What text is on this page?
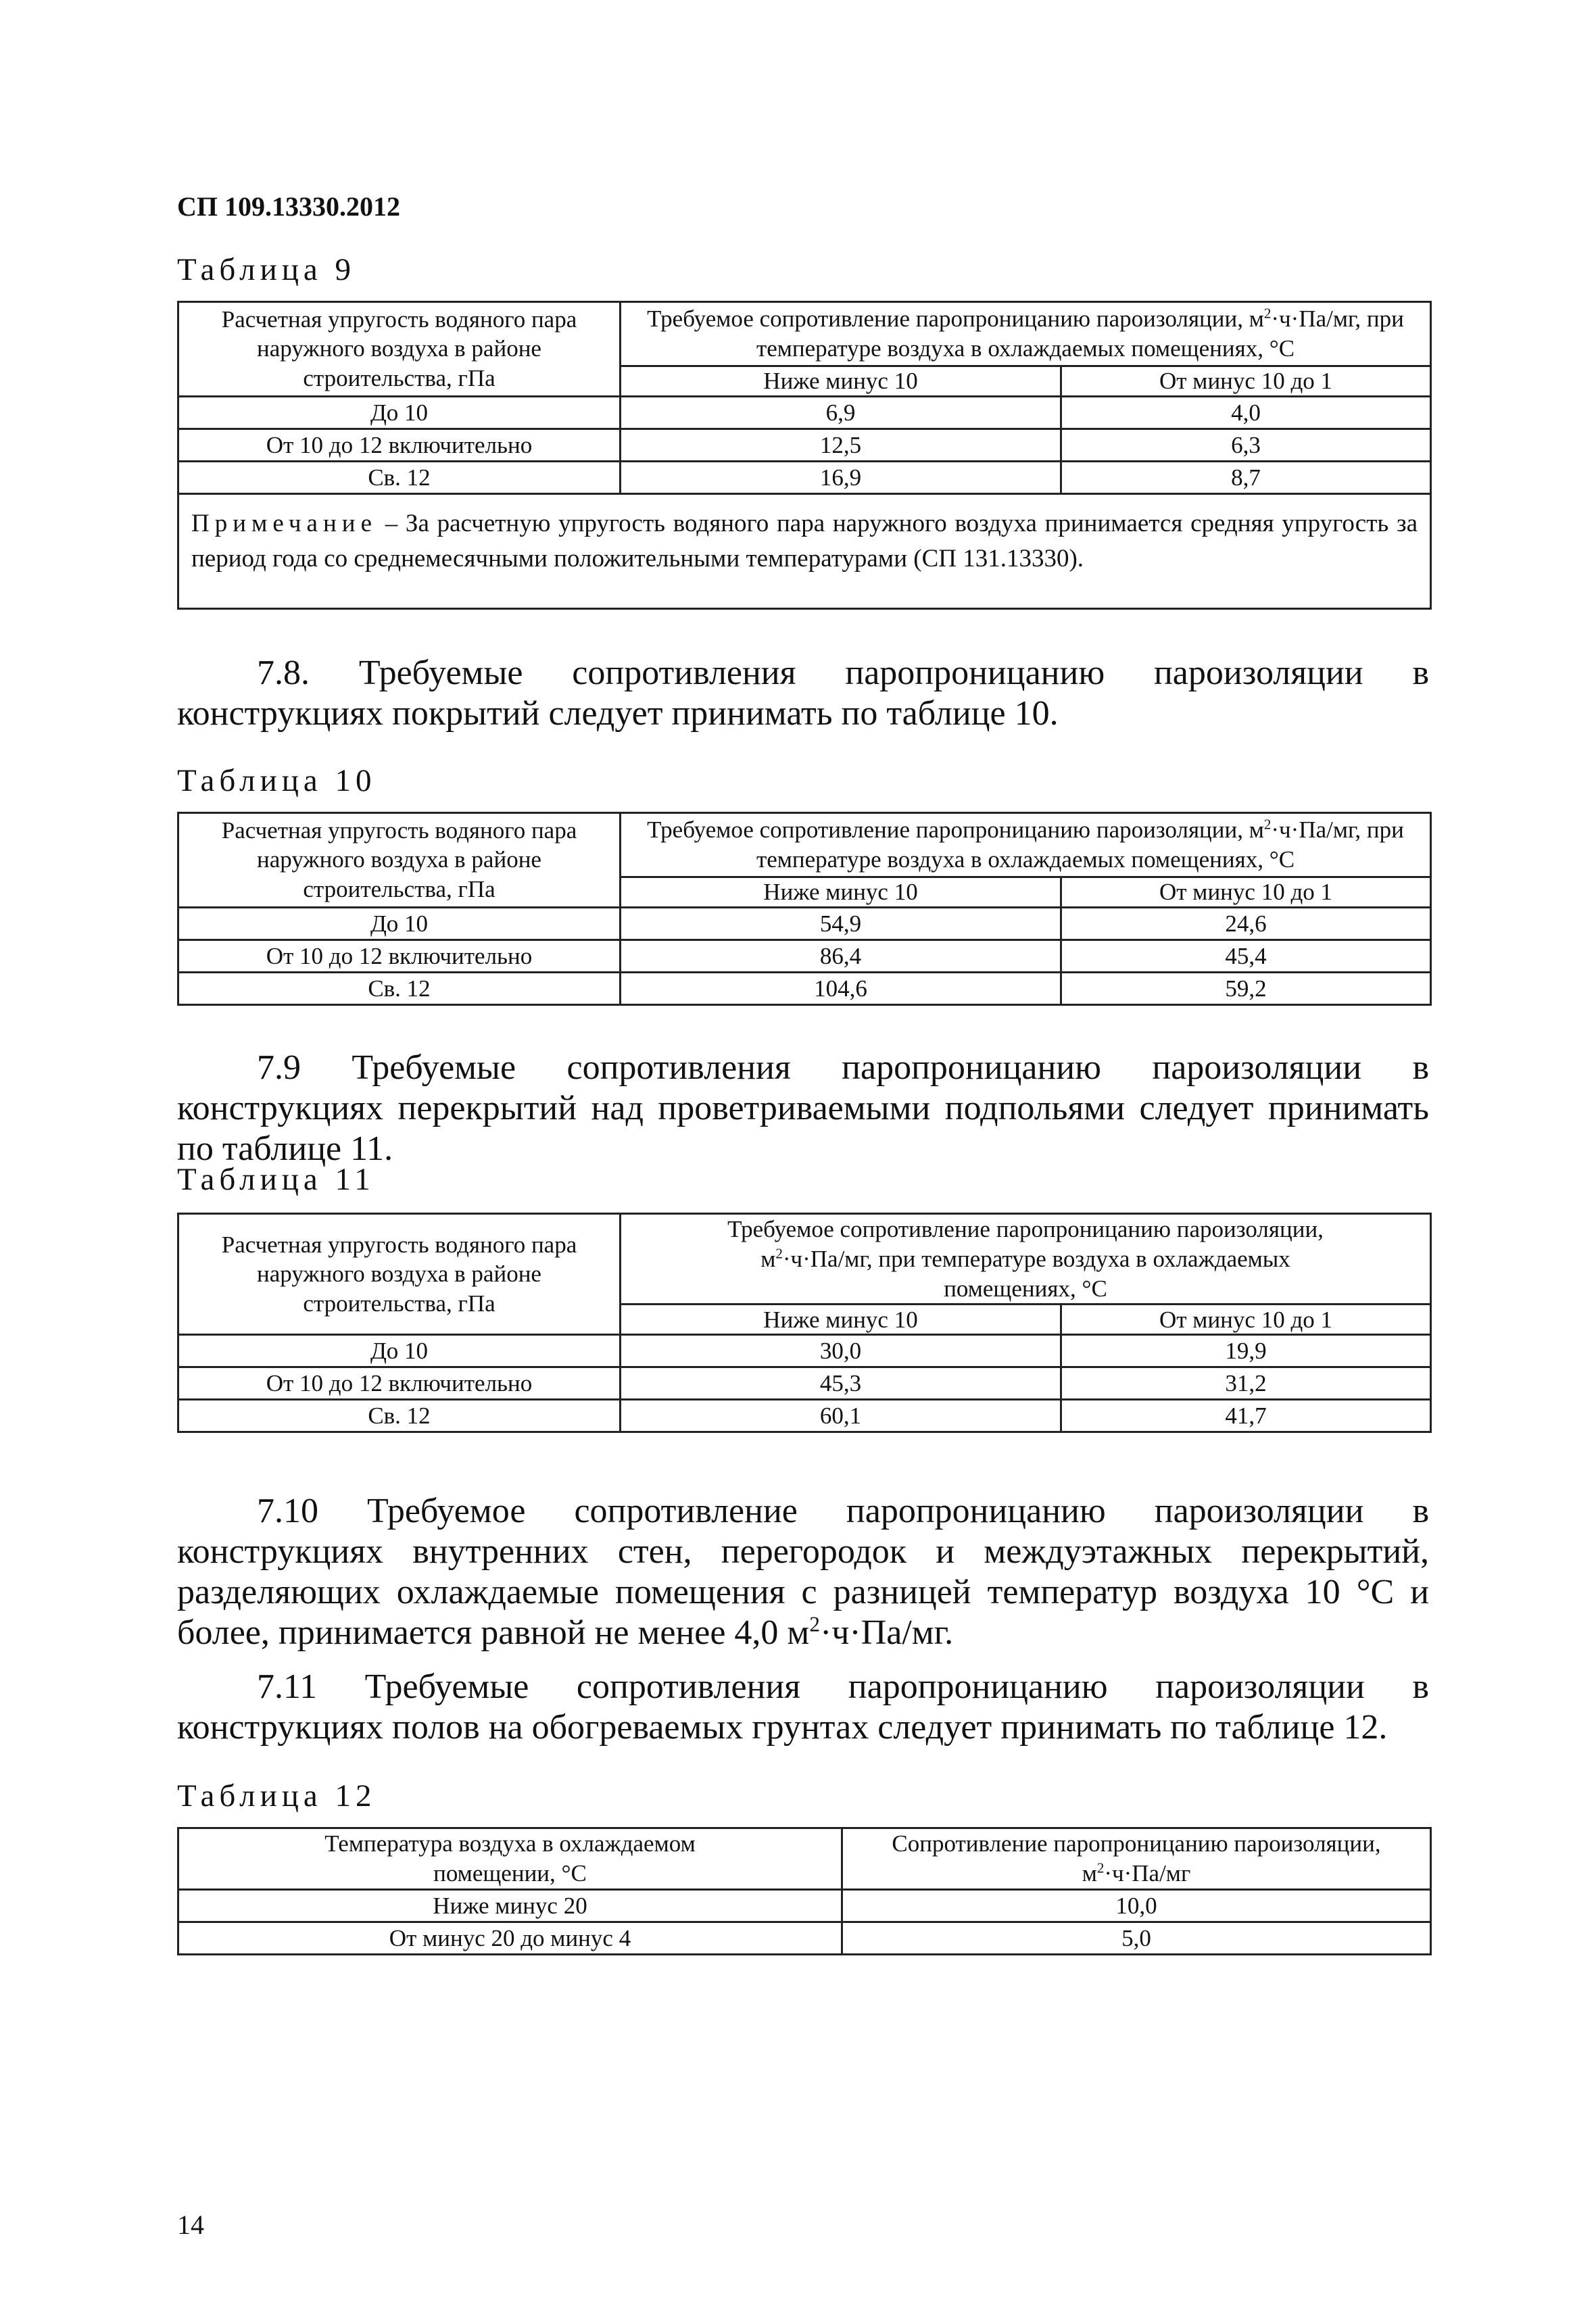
СП 109.13330.2012
Таблица 9
Расчетная упругость водяного пара наружного воздуха в районе строительства, гПа	Требуемое сопротивление паропроницанию пароизоляции, $м^2\cdot ч\cdot Па/мг$, при температуре воздуха в охлаждаемых помещениях, °С	
	Ниже минус 10	От минус 10 до 1
До 10	6,9	4,0
От 10 до 12 включительно	12,5	6,3
Св. 12	16,9	8,7
Примечание – За расчетную упругость водяного пара наружного воздуха принимается средняя упругость за период года со среднемесячными положительными температурами (СП 131.13330).		
7.8. Требуемые сопротивления паропроницанию пароизоляции в конструкциях покрытий следует принимать по таблице 10.
Таблица 10
Расчетная упругость водяного пара наружного воздуха в районе строительства, гПа	Требуемое сопротивление паропроницанию пароизоляции, $м^2\cdot ч\cdot Па/мг$, при температуре воздуха в охлаждаемых помещениях, °С	
	Ниже минус 10	От минус 10 до 1
До 10	54,9	24,6
От 10 до 12 включительно	86,4	45,4
Св. 12	104,6	59,2
7.9 Требуемые сопротивления паропроницанию пароизоляции в конструкциях перекрытий над проветриваемыми подпольями следует принимать по таблице 11.
Таблица 11
Расчетная упругость водяного пара наружного воздуха в районе строительства, гПа	Требуемое сопротивление паропроницанию пароизоляции, $м^2\cdot ч\cdot Па/мг$, при температуре воздуха в охлаждаемых помещениях, °С	
	Ниже минус 10	От минус 10 до 1
До 10	30,0	19,9
От 10 до 12 включительно	45,3	31,2
Св. 12	60,1	41,7
7.10 Требуемое сопротивление паропроницанию пароизоляции в конструкциях внутренних стен, перегородок и междуэтажных перекрытий, разделяющих охлаждаемые помещения с разницей температур воздуха 10 °С и более, принимается равной не менее 4,0 $м^2\cdot ч\cdot Па/мг$.
7.11 Требуемые сопротивления паропроницанию пароизоляции в конструкциях полов на обогреваемых грунтах следует принимать по таблице 12.
Таблица 12
Температура воздуха в охлаждаемом помещении, °С	Сопротивление паропроницанию пароизоляции, $м^2\cdot ч\cdot Па/мг$
Ниже минус 20	10,0
От минус 20 до минус 4	5,0
14
